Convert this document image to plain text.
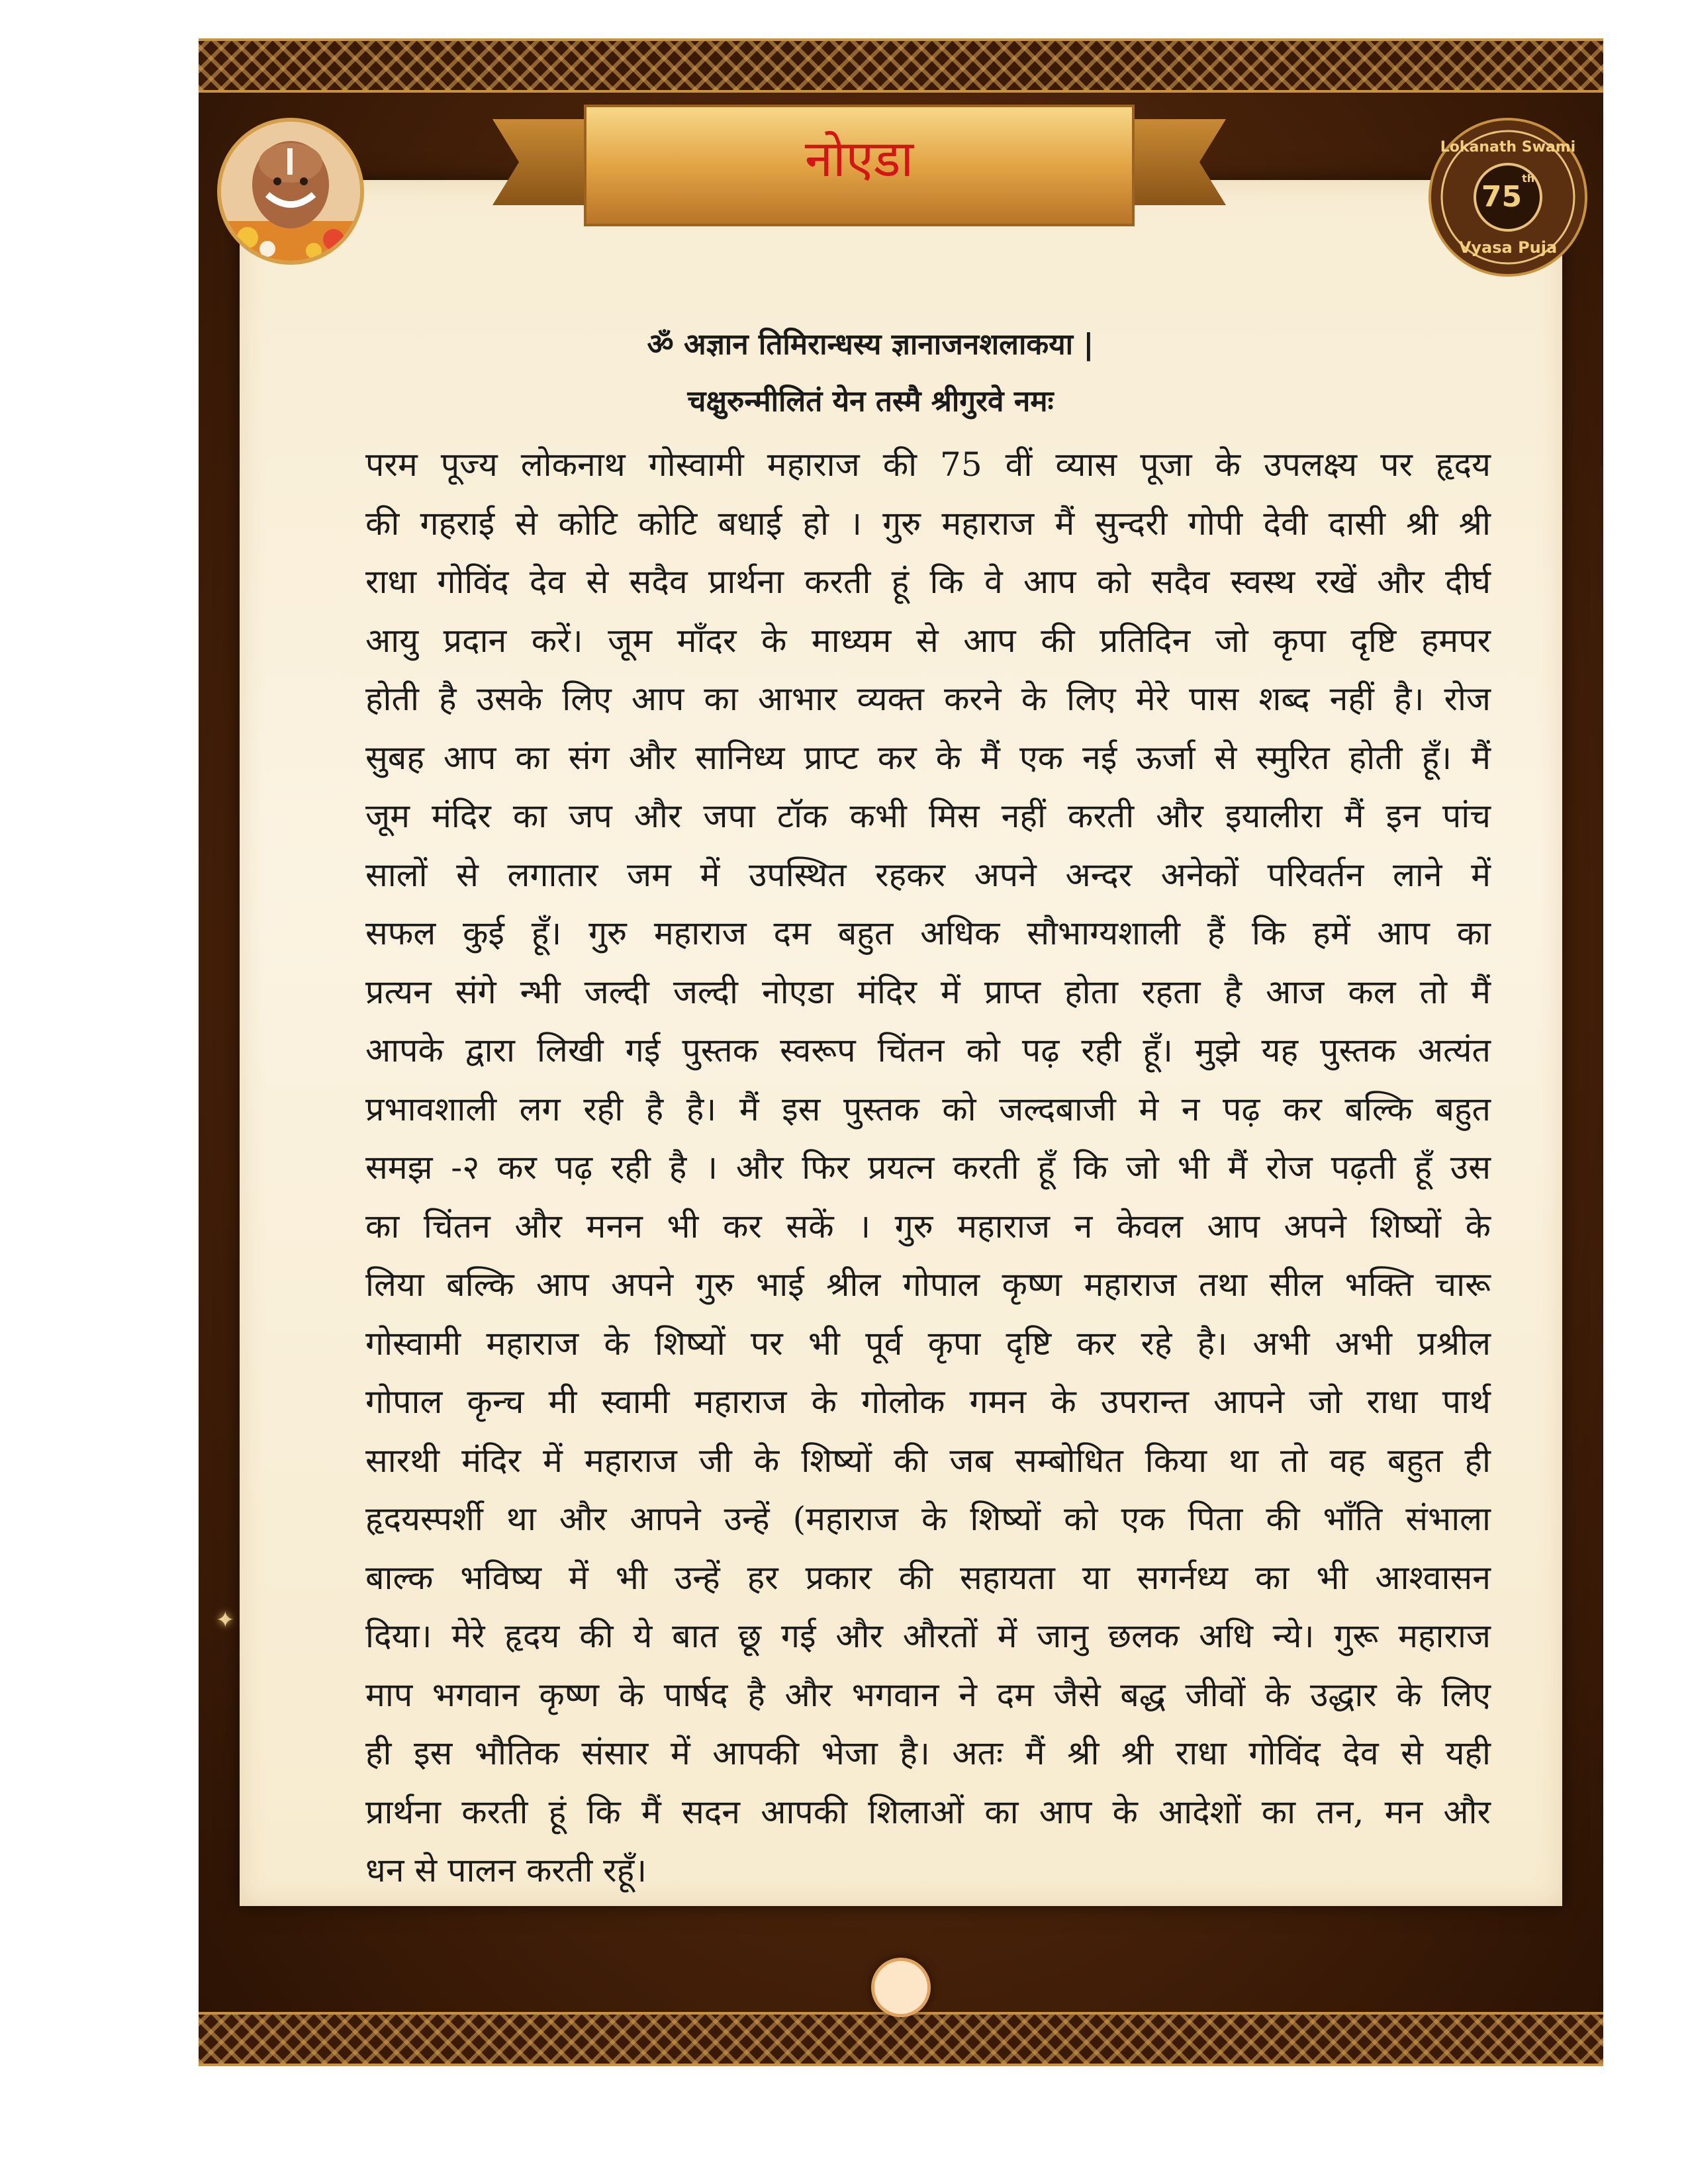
✦
नोएडा	Lokanath Swami
75th
Vyasa Puja

ॐ अज्ञान तिमिरान्धस्य ज्ञानाजनशलाकया |

चक्षुरुन्मीलितं येन तस्मै श्रीगुरवे नमः

परम पूज्य लोकनाथ गोस्वामी महाराज की 75 वीं व्यास पूजा के उपलक्ष्य पर हृदय
की गहराई से कोटि कोटि बधाई हो । गुरु महाराज मैं सुन्दरी गोपी देवी दासी श्री श्री
राधा गोविंद देव से सदैव प्रार्थना करती हूं कि वे आप को सदैव स्वस्थ रखें और दीर्घ
आयु प्रदान करें। जूम मॉंदर के माध्यम से आप की प्रतिदिन जो कृपा दृष्टि हमपर
होती है उसके लिए आप का आभार व्यक्त करने के लिए मेरे पास शब्द नहीं है। रोज
सुबह आप का संग और सानिध्य प्राप्ट कर के मैं एक नई ऊर्जा से स्मुरित होती हूँ। मैं
जूम मंदिर का जप और जपा टॉक कभी मिस नहीं करती और इयालीरा मैं इन पांच
सालों से लगातार जम में उपस्थित रहकर अपने अन्दर अनेकों परिवर्तन लाने में
सफल कुई हूँ। गुरु महाराज दम बहुत अधिक सौभाग्यशाली हैं कि हमें आप का
प्रत्यन संगे न्भी जल्दी जल्दी नोएडा मंदिर में प्राप्त होता रहता है आज कल तो मैं
आपके द्वारा लिखी गई पुस्तक स्वरूप चिंतन को पढ़ रही हूँ। मुझे यह पुस्तक अत्यंत
प्रभावशाली लग रही है है। मैं इस पुस्तक को जल्दबाजी मे न पढ़ कर बल्कि बहुत
समझ -२ कर पढ़ रही है । और फिर प्रयत्न करती हूँ कि जो भी मैं रोज पढ़ती हूँ उस
का चिंतन और मनन भी कर सकें । गुरु महाराज न केवल आप अपने शिष्यों के
लिया बल्कि आप अपने गुरु भाई श्रील गोपाल कृष्ण महाराज तथा सील भक्ति चारू
गोस्वामी महाराज के शिष्यों पर भी पूर्व कृपा दृष्टि कर रहे है। अभी अभी प्रश्रील
गोपाल कृन्च मी स्वामी महाराज के गोलोक गमन के उपरान्त आपने जो राधा पार्थ
सारथी मंदिर में महाराज जी के शिष्यों की जब सम्बोधित किया था तो वह बहुत ही
हृदयस्पर्शी था और आपने उन्हें (महाराज के शिष्यों को एक पिता की भाँति संभाला
बाल्क भविष्य में भी उन्हें हर प्रकार की सहायता या सगर्नध्य का भी आश्वासन
दिया। मेरे हृदय की ये बात छू गई और औरतों में जानु छलक अधि न्ये। गुरू महाराज
माप भगवान कृष्ण के पार्षद है और भगवान ने दम जैसे बद्ध जीवों के उद्धार के लिए
ही इस भौतिक संसार में आपकी भेजा है। अतः मैं श्री श्री राधा गोविंद देव से यही
प्रार्थना करती हूं कि मैं सदन आपकी शिलाओं का आप के आदेशों का तन, मन और
धन से पालन करती रहूँ।
